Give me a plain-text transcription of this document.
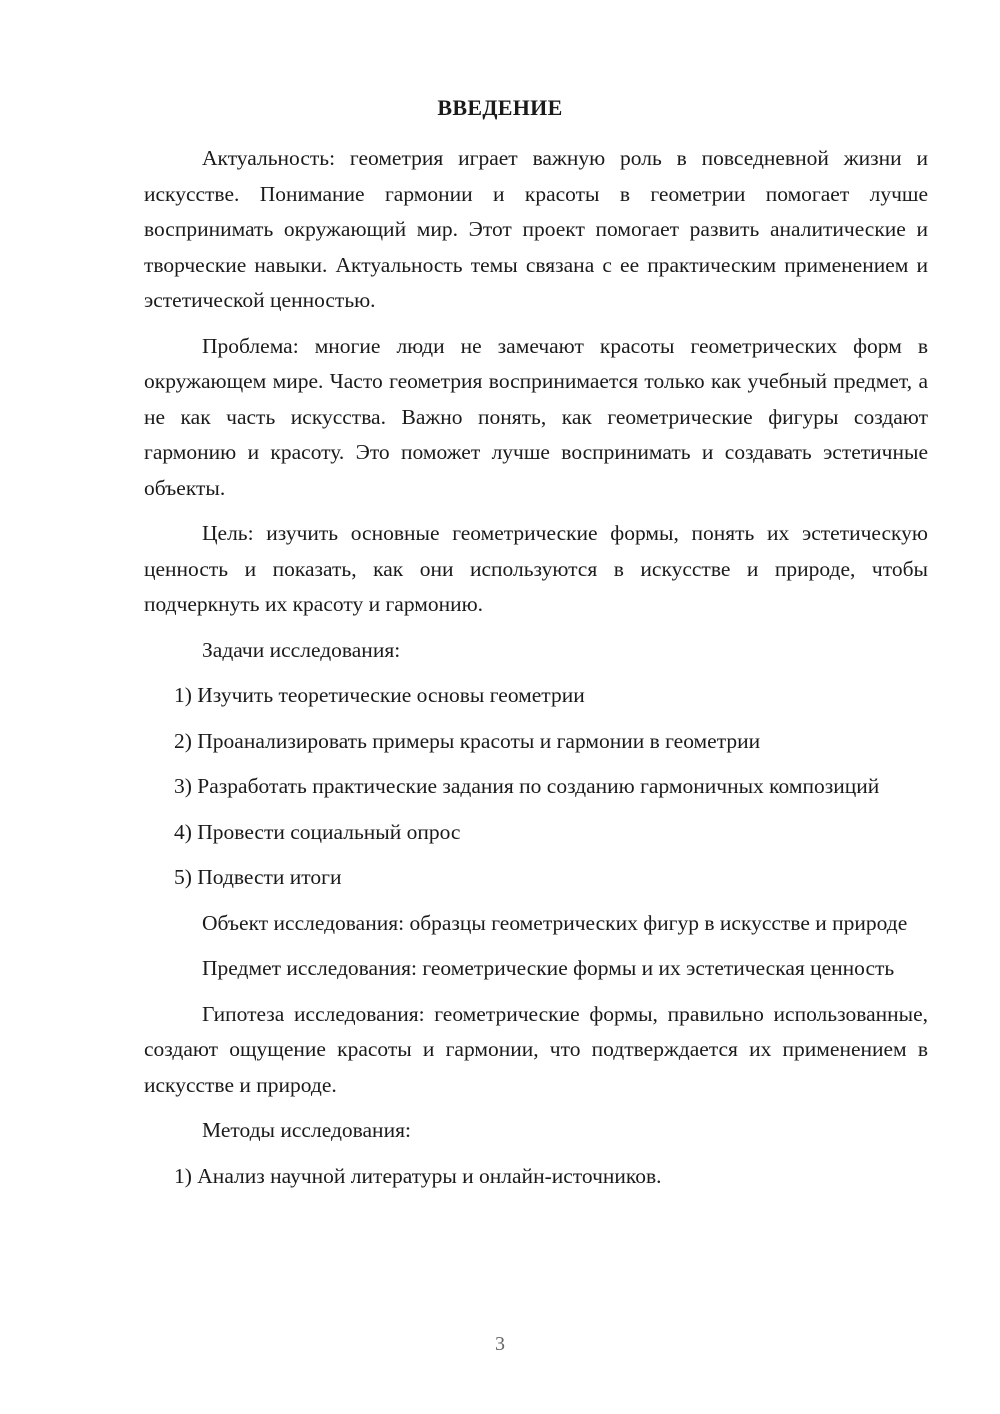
ВВЕДЕНИЕ

Актуальность: геометрия играет важную роль в повседневной жизни и искусстве. Понимание гармонии и красоты в геометрии помогает лучше воспринимать окружающий мир. Этот проект помогает развить аналитические и творческие навыки. Актуальность темы связана с ее практическим применением и эстетической ценностью.

Проблема: многие люди не замечают красоты геометрических форм в окружающем мире. Часто геометрия воспринимается только как учебный предмет, а не как часть искусства. Важно понять, как геометрические фигуры создают гармонию и красоту. Это поможет лучше воспринимать и создавать эстетичные объекты.

Цель: изучить основные геометрические формы, понять их эстетическую ценность и показать, как они используются в искусстве и природе, чтобы подчеркнуть их красоту и гармонию.

Задачи исследования:

1) Изучить теоретические основы геометрии

2) Проанализировать примеры красоты и гармонии в геометрии

3) Разработать практические задания по созданию гармоничных композиций

4) Провести социальный опрос

5) Подвести итоги

Объект исследования: образцы геометрических фигур в искусстве и природе

Предмет исследования: геометрические формы и их эстетическая ценность

Гипотеза исследования: геометрические формы, правильно использованные, создают ощущение красоты и гармонии, что подтверждается их применением в искусстве и природе.

Методы исследования:

1) Анализ научной литературы и онлайн-источников.

3
